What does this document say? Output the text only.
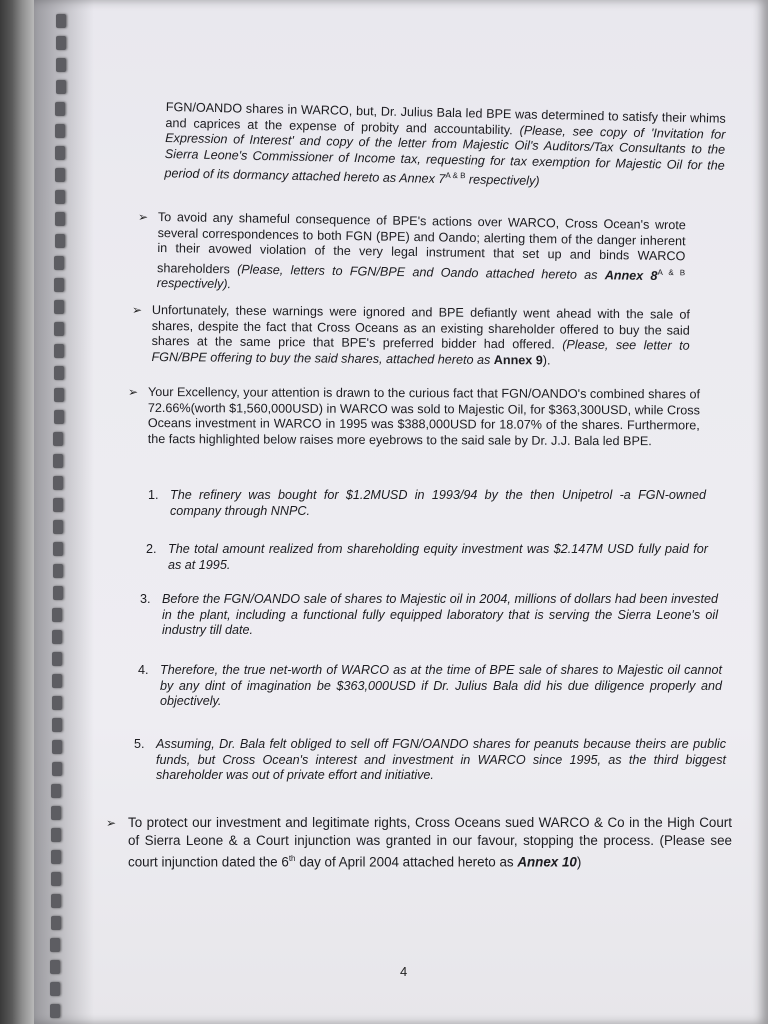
FGN/OANDO shares in WARCO, but, Dr. Julius Bala led BPE was determined to satisfy their whims and caprices at the expense of probity and accountability. (Please, see copy of 'Invitation for Expression of Interest' and copy of the letter from Majestic Oil's Auditors/Tax Consultants to the Sierra Leone's Commissioner of Income tax, requesting for tax exemption for Majestic Oil for the period of its dormancy attached hereto as Annex $7^{A \& B}$ respectively)
➢ To avoid any shameful consequence of BPE's actions over WARCO, Cross Ocean's wrote several correspondences to both FGN (BPE) and Oando; alerting them of the danger inherent in their avowed violation of the very legal instrument that set up and binds WARCO shareholders (Please, letters to FGN/BPE and Oando attached hereto as Annex $8^{A \& B}$ respectively).
➢ Unfortunately, these warnings were ignored and BPE defiantly went ahead with the sale of shares, despite the fact that Cross Oceans as an existing shareholder offered to buy the said shares at the same price that BPE's preferred bidder had offered. (Please, see letter to FGN/BPE offering to buy the said shares, attached hereto as Annex 9).
➢ Your Excellency, your attention is drawn to the curious fact that FGN/OANDO's combined shares of 72.66%(worth $1,560,000USD) in WARCO was sold to Majestic Oil, for $363,300USD, while Cross Oceans investment in WARCO in 1995 was $388,000USD for 18.07% of the shares. Furthermore, the facts highlighted below raises more eyebrows to the said sale by Dr. J.J. Bala led BPE.
1. The refinery was bought for $1.2MUSD in 1993/94 by the then Unipetrol -a FGN-owned company through NNPC.
2. The total amount realized from shareholding equity investment was $2.147M USD fully paid for as at 1995.
3. Before the FGN/OANDO sale of shares to Majestic oil in 2004, millions of dollars had been invested in the plant, including a functional fully equipped laboratory that is serving the Sierra Leone's oil industry till date.
4. Therefore, the true net-worth of WARCO as at the time of BPE sale of shares to Majestic oil cannot by any dint of imagination be $363,000USD if Dr. Julius Bala did his due diligence properly and objectively.
5. Assuming, Dr. Bala felt obliged to sell off FGN/OANDO shares for peanuts because theirs are public funds, but Cross Ocean's interest and investment in WARCO since 1995, as the third biggest shareholder was out of private effort and initiative.
➢ To protect our investment and legitimate rights, Cross Oceans sued WARCO & Co in the High Court of Sierra Leone & a Court injunction was granted in our favour, stopping the process. (Please see court injunction dated the 6th day of April 2004 attached hereto as Annex 10)
4
